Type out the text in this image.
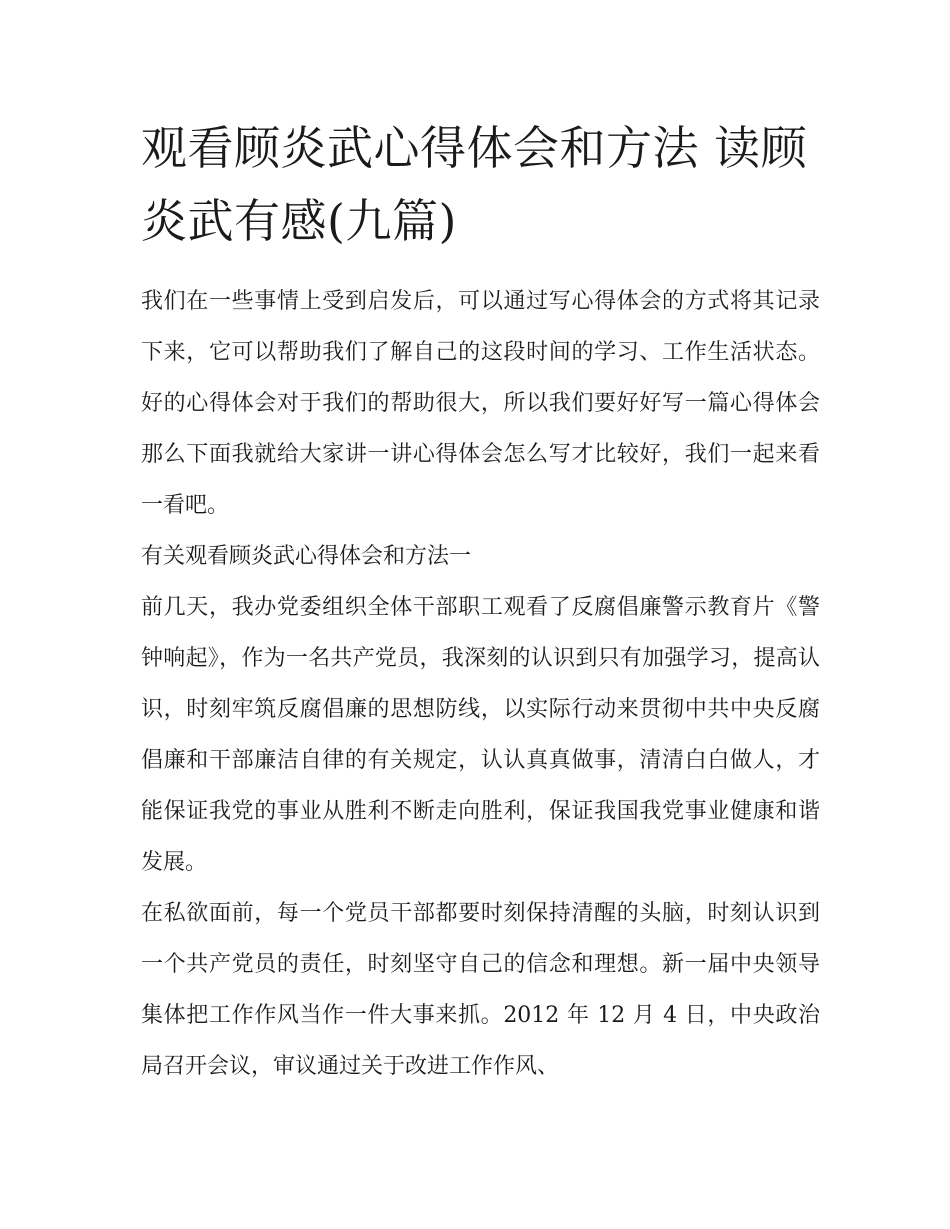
观看顾炎武心得体会和方法 读顾炎武有感(九篇)

我们在一些事情上受到启发后，可以通过写心得体会的方式将其记录下来，它可以帮助我们了解自己的这段时间的学习、工作生活状态。好的心得体会对于我们的帮助很大，所以我们要好好写一篇心得体会那么下面我就给大家讲一讲心得体会怎么写才比较好，我们一起来看一看吧。

有关观看顾炎武心得体会和方法一

前几天，我办党委组织全体干部职工观看了反腐倡廉警示教育片《警钟响起》，作为一名共产党员，我深刻的认识到只有加强学习，提高认识，时刻牢筑反腐倡廉的思想防线，以实际行动来贯彻中共中央反腐倡廉和干部廉洁自律的有关规定，认认真真做事，清清白白做人，才能保证我党的事业从胜利不断走向胜利，保证我国我党事业健康和谐发展。

在私欲面前，每一个党员干部都要时刻保持清醒的头脑，时刻认识到一个共产党员的责任，时刻坚守自己的信念和理想。新一届中央领导集体把工作作风当作一件大事来抓。2012 年 12 月 4 日，中央政治局召开会议，审议通过关于改进工作作风、
